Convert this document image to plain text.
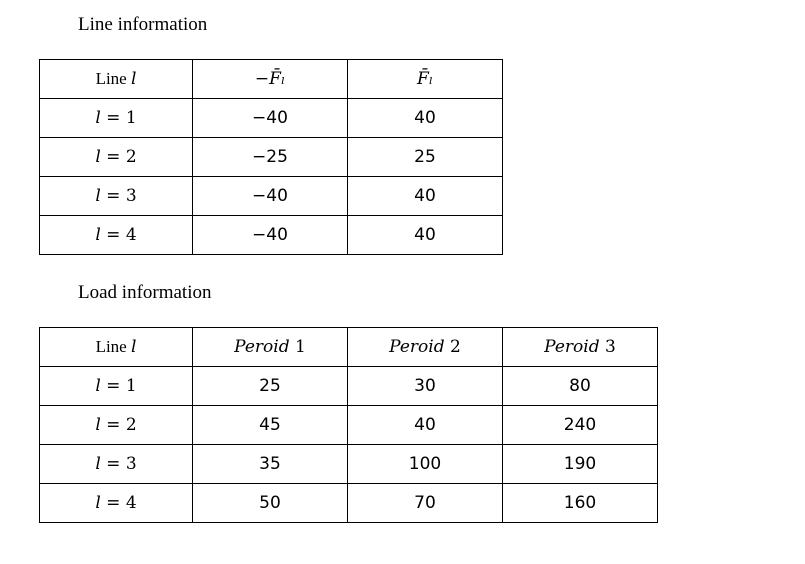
Line information
Line l	−F̄ₗ	F̄ₗ
l = 1	−40	40
l = 2	−25	25
l = 3	−40	40
l = 4	−40	40
Load information
Line l	Peroid 1	Peroid 2	Peroid 3
l = 1	25	30	80
l = 2	45	40	240
l = 3	35	100	190
l = 4	50	70	160
